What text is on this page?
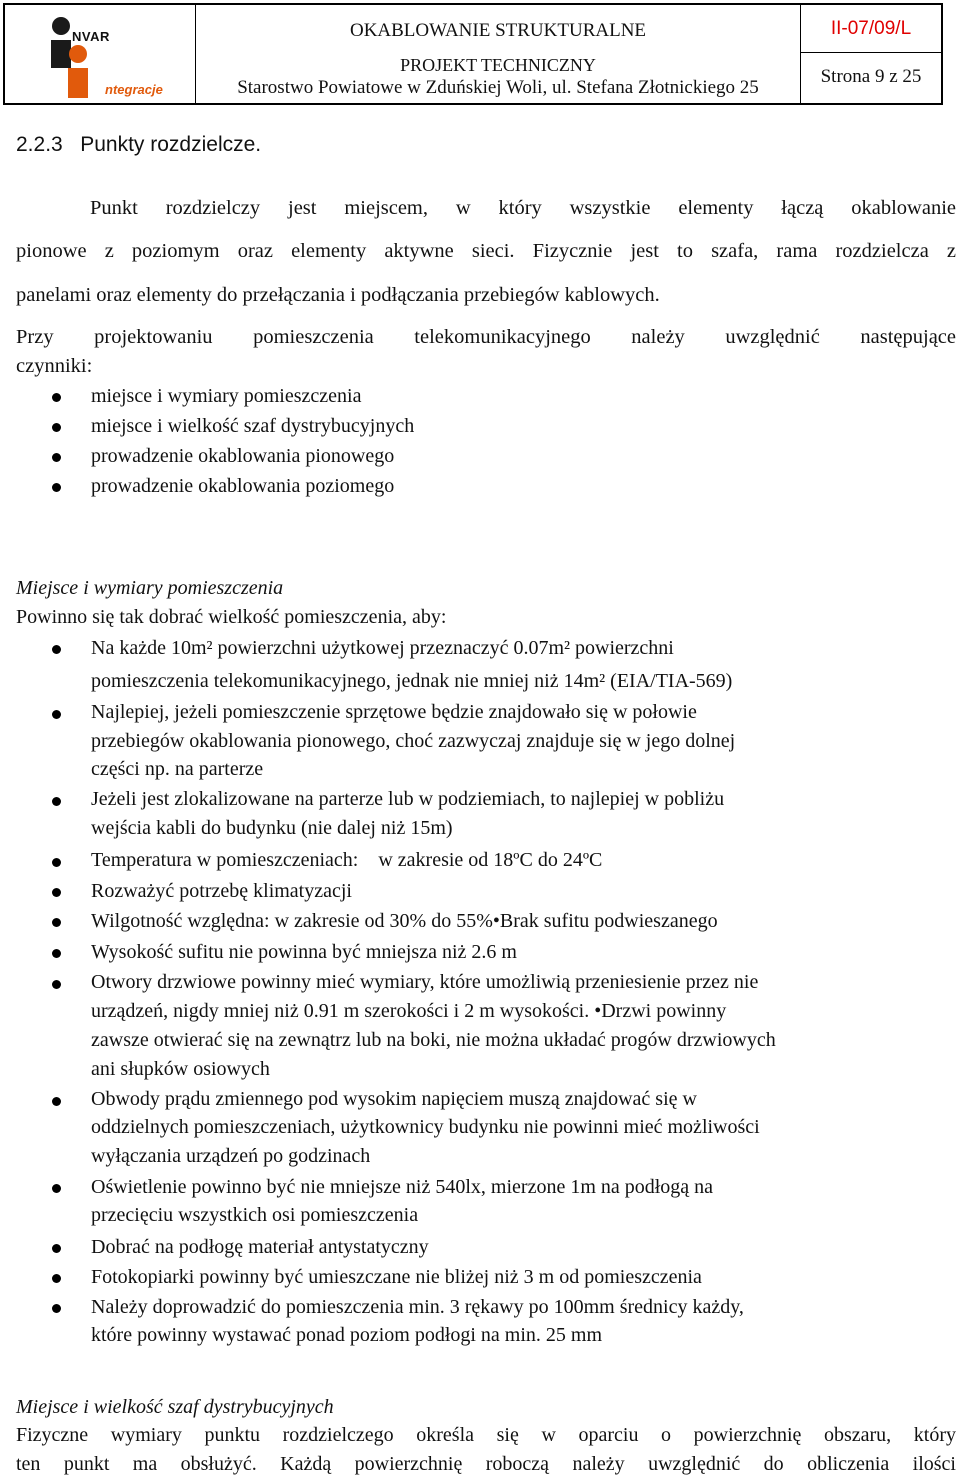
NVAR
ntegracje
OKABLOWANIE STRUKTURALNE
PROJEKT TECHNICZNY
Starostwo Powiatowe w Zduńskiej Woli, ul. Stefana Złotnickiego 25
II-07/09/L
Strona 9 z 25
2.2.3   Punkty rozdzielcze.
Punkt rozdzielczy jest miejscem, w który wszystkie elementy łączą okablowanie
pionowe z poziomym oraz elementy aktywne sieci. Fizycznie jest to szafa, rama rozdzielcza z
panelami oraz elementy do przełączania i podłączania przebiegów kablowych.
Przy projektowaniu pomieszczenia telekomunikacyjnego należy uwzględnić następujące
czynniki:
miejsce i wymiary pomieszczenia
miejsce i wielkość szaf dystrybucyjnych
prowadzenie okablowania pionowego
prowadzenie okablowania poziomego
Miejsce i wymiary pomieszczenia
Powinno się tak dobrać wielkość pomieszczenia, aby:
Na każde 10m² powierzchni użytkowej przeznaczyć 0.07m² powierzchni
pomieszczenia telekomunikacyjnego, jednak nie mniej niż 14m² (EIA/TIA-569)
Najlepiej, jeżeli pomieszczenie sprzętowe będzie znajdowało się w połowie
przebiegów okablowania pionowego, choć zazwyczaj znajduje się w jego dolnej
części np. na parterze
Jeżeli jest zlokalizowane na parterze lub w podziemiach, to najlepiej w pobliżu
wejścia kabli do budynku (nie dalej niż 15m)
Temperatura w pomieszczeniach:    w zakresie od 18ºC do 24ºC
Rozważyć potrzebę klimatyzacji
Wilgotność względna: w zakresie od 30% do 55%•Brak sufitu podwieszanego
Wysokość sufitu nie powinna być mniejsza niż 2.6 m
Otwory drzwiowe powinny mieć wymiary, które umożliwią przeniesienie przez nie
urządzeń, nigdy mniej niż 0.91 m szerokości i 2 m wysokości. •Drzwi powinny
zawsze otwierać się na zewnątrz lub na boki, nie można układać progów drzwiowych
ani słupków osiowych
Obwody prądu zmiennego pod wysokim napięciem muszą znajdować się w
oddzielnych pomieszczeniach, użytkownicy budynku nie powinni mieć możliwości
wyłączania urządzeń po godzinach
Oświetlenie powinno być nie mniejsze niż 540lx, mierzone 1m na podłogą na
przecięciu wszystkich osi pomieszczenia
Dobrać na podłogę materiał antystatyczny
Fotokopiarki powinny być umieszczane nie bliżej niż 3 m od pomieszczenia
Należy doprowadzić do pomieszczenia min. 3 rękawy po 100mm średnicy każdy,
które powinny wystawać ponad poziom podłogi na min. 25 mm
Miejsce i wielkość szaf dystrybucyjnych
Fizyczne wymiary punktu rozdzielczego określa się w oparciu o powierzchnię obszaru, który
ten punkt ma obsłużyć. Każdą powierzchnię roboczą należy uwzględnić do obliczenia ilości
